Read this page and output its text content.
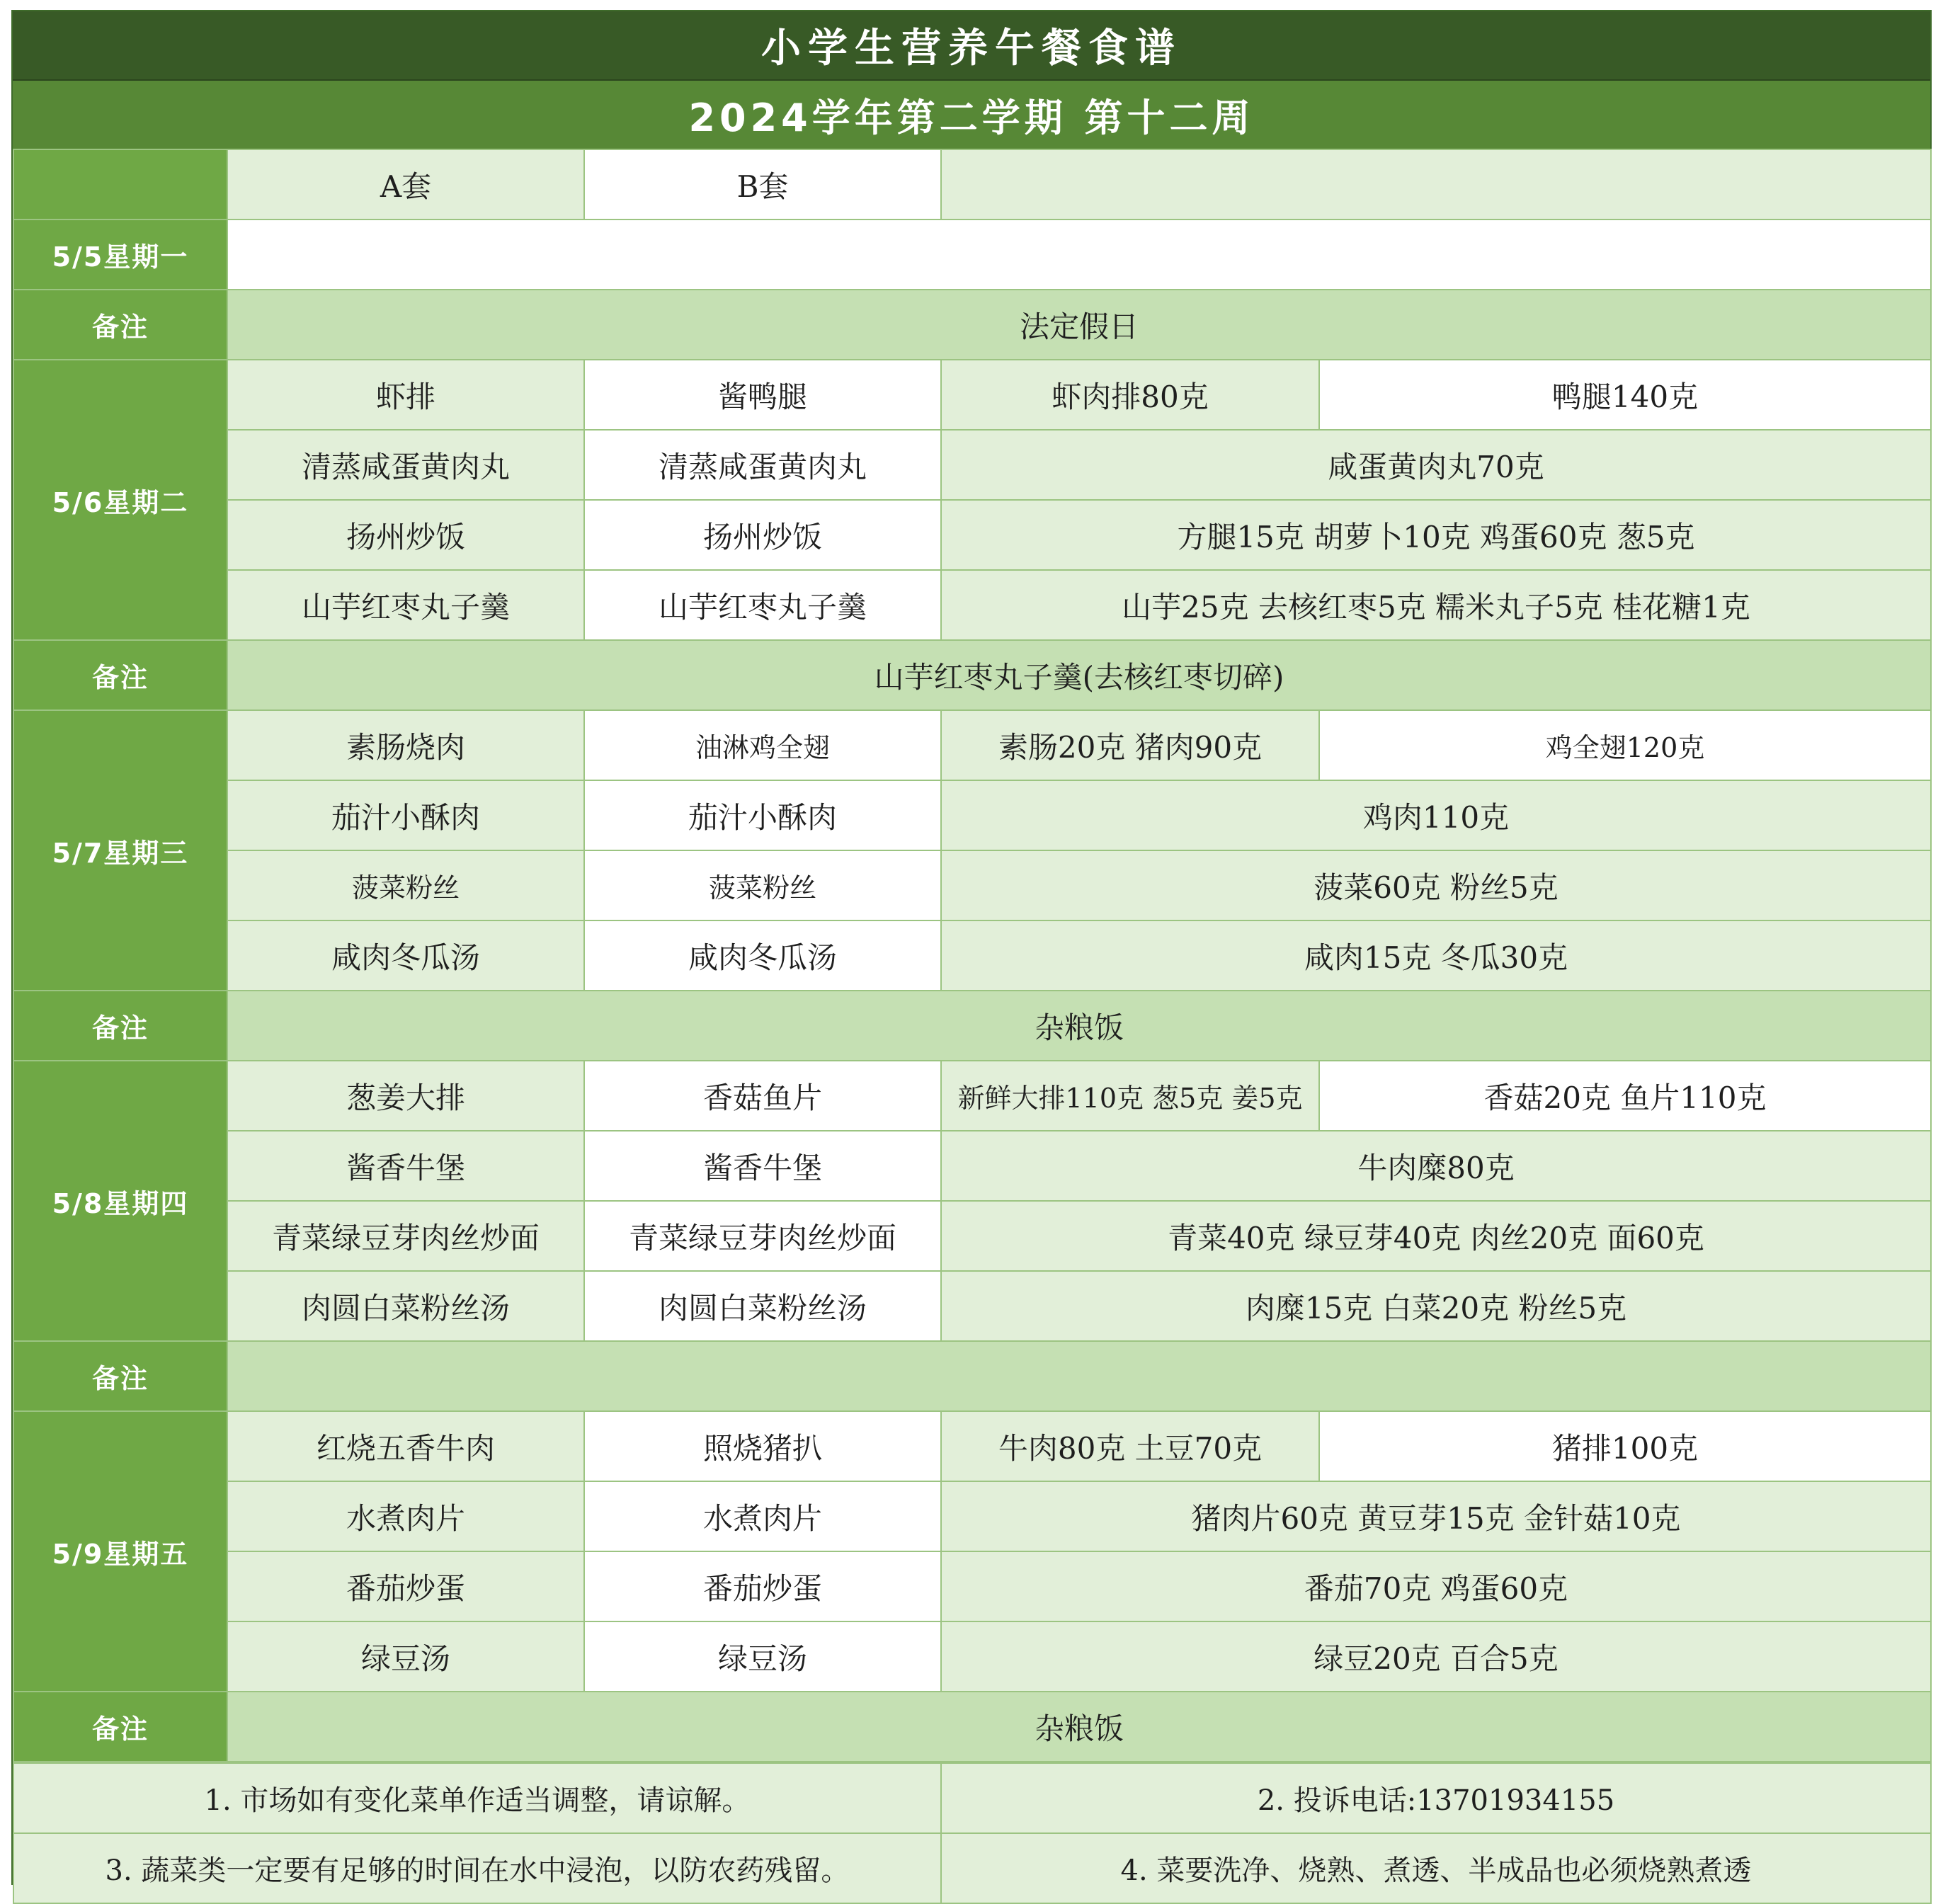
小学生营养午餐食谱
2024学年第二学期 第十二周
	A套	B套		
5/5星期一				
备注	法定假日			
5/6星期二	虾排	酱鸭腿	虾肉排80克	鸭腿140克
	清蒸咸蛋黄肉丸	清蒸咸蛋黄肉丸	咸蛋黄肉丸70克	
	扬州炒饭	扬州炒饭	方腿15克 胡萝卜10克 鸡蛋60克 葱5克	
	山芋红枣丸子羹	山芋红枣丸子羹	山芋25克 去核红枣5克 糯米丸子5克 桂花糖1克	
备注	山芋红枣丸子羹(去核红枣切碎)			
5/7星期三	素肠烧肉	油淋鸡全翅	素肠20克 猪肉90克	鸡全翅120克
	茄汁小酥肉	茄汁小酥肉	鸡肉110克	
	菠菜粉丝	菠菜粉丝	菠菜60克 粉丝5克	
	咸肉冬瓜汤	咸肉冬瓜汤	咸肉15克 冬瓜30克	
备注	杂粮饭			
5/8星期四	葱姜大排	香菇鱼片	新鲜大排110克 葱5克 姜5克	香菇20克 鱼片110克
	酱香牛堡	酱香牛堡	牛肉糜80克	
	青菜绿豆芽肉丝炒面	青菜绿豆芽肉丝炒面	青菜40克 绿豆芽40克 肉丝20克 面60克	
	肉圆白菜粉丝汤	肉圆白菜粉丝汤	肉糜15克 白菜20克 粉丝5克	
备注				
5/9星期五	红烧五香牛肉	照烧猪扒	牛肉80克 土豆70克	猪排100克
	水煮肉片	水煮肉片	猪肉片60克 黄豆芽15克 金针菇10克	
	番茄炒蛋	番茄炒蛋	番茄70克 鸡蛋60克	
	绿豆汤	绿豆汤	绿豆20克 百合5克	
备注	杂粮饭			
1. 市场如有变化菜单作适当调整，请谅解。	2. 投诉电话:13701934155
3. 蔬菜类一定要有足够的时间在水中浸泡，以防农药残留。	4. 菜要洗净、烧熟、煮透、半成品也必须烧熟煮透
